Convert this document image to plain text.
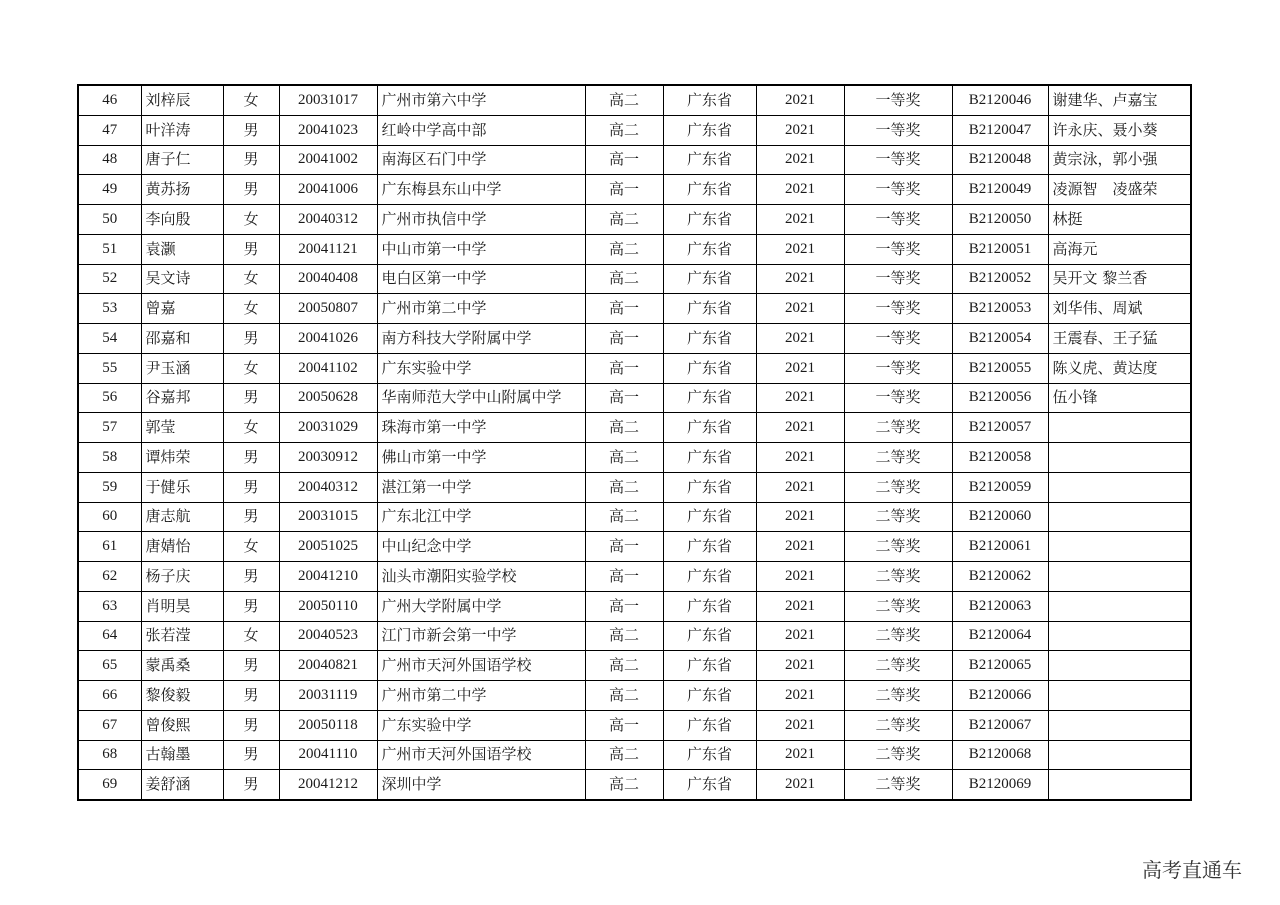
46	刘梓辰	女	20031017	广州市第六中学	高二	广东省	2021	一等奖	B2120046	谢建华、卢嘉宝
47	叶洋涛	男	20041023	红岭中学高中部	高二	广东省	2021	一等奖	B2120047	许永庆、聂小葵
48	唐子仁	男	20041002	南海区石门中学	高一	广东省	2021	一等奖	B2120048	黄宗泳，郭小强
49	黄苏扬	男	20041006	广东梅县东山中学	高一	广东省	2021	一等奖	B2120049	凌源智　凌盛荣
50	李向殷	女	20040312	广州市执信中学	高二	广东省	2021	一等奖	B2120050	林挺
51	袁灏	男	20041121	中山市第一中学	高二	广东省	2021	一等奖	B2120051	高海元
52	吴文诗	女	20040408	电白区第一中学	高二	广东省	2021	一等奖	B2120052	吴开文 黎兰香
53	曾嘉	女	20050807	广州市第二中学	高一	广东省	2021	一等奖	B2120053	刘华伟、周斌
54	邵嘉和	男	20041026	南方科技大学附属中学	高一	广东省	2021	一等奖	B2120054	王震春、王子猛
55	尹玉涵	女	20041102	广东实验中学	高一	广东省	2021	一等奖	B2120055	陈义虎、黄达度
56	谷嘉邦	男	20050628	华南师范大学中山附属中学	高一	广东省	2021	一等奖	B2120056	伍小锋
57	郭莹	女	20031029	珠海市第一中学	高二	广东省	2021	二等奖	B2120057	
58	谭炜荣	男	20030912	佛山市第一中学	高二	广东省	2021	二等奖	B2120058	
59	于健乐	男	20040312	湛江第一中学	高二	广东省	2021	二等奖	B2120059	
60	唐志航	男	20031015	广东北江中学	高二	广东省	2021	二等奖	B2120060	
61	唐婧怡	女	20051025	中山纪念中学	高一	广东省	2021	二等奖	B2120061	
62	杨子庆	男	20041210	汕头市潮阳实验学校	高一	广东省	2021	二等奖	B2120062	
63	肖明昊	男	20050110	广州大学附属中学	高一	广东省	2021	二等奖	B2120063	
64	张若滢	女	20040523	江门市新会第一中学	高二	广东省	2021	二等奖	B2120064	
65	蒙禹桑	男	20040821	广州市天河外国语学校	高二	广东省	2021	二等奖	B2120065	
66	黎俊毅	男	20031119	广州市第二中学	高二	广东省	2021	二等奖	B2120066	
67	曾俊熙	男	20050118	广东实验中学	高一	广东省	2021	二等奖	B2120067	
68	古翰墨	男	20041110	广州市天河外国语学校	高二	广东省	2021	二等奖	B2120068	
69	姜舒涵	男	20041212	深圳中学	高二	广东省	2021	二等奖	B2120069	
高考直通车
